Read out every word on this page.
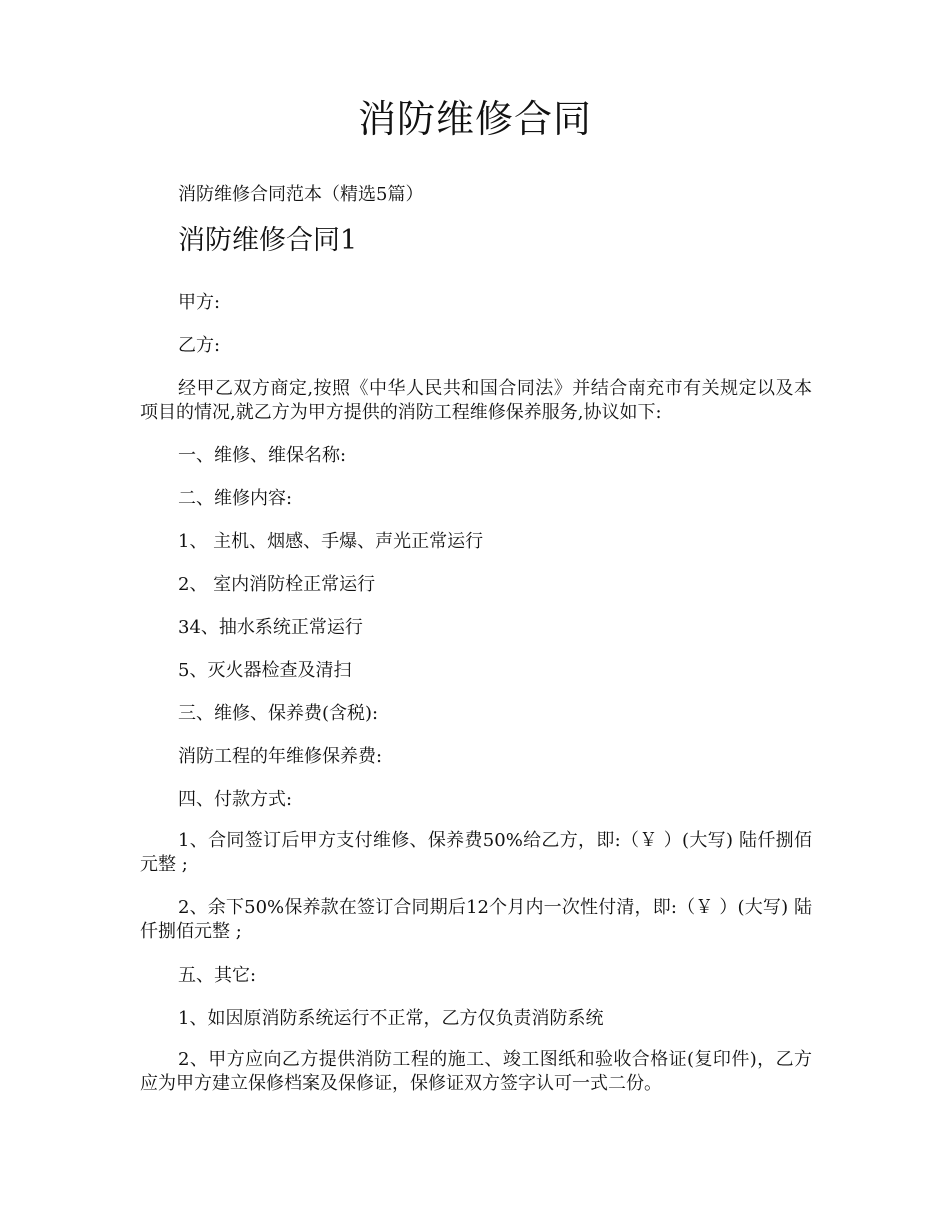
消防维修合同
消防维修合同范本（精选5篇）
消防维修合同1
甲方:
乙方:
经甲乙双方商定,按照《中华人民共和国合同法》并结合南充市有关规定以及本项目的情况,就乙方为甲方提供的消防工程维修保养服务,协议如下:
一、维修、维保名称:
二、维修内容:
1、 主机、烟感、手爆、声光正常运行
2、 室内消防栓正常运行
34、抽水系统正常运行
5、灭火器检查及清扫
三、维修、保养费(含税):
消防工程的年维修保养费:
四、付款方式:
1、合同签订后甲方支付维修、保养费50%给乙方，即:（￥ ）(大写) 陆仟捌佰元整 ;
2、余下50%保养款在签订合同期后12个月内一次性付清，即:（￥ ）(大写) 陆仟捌佰元整 ;
五、其它:
1、如因原消防系统运行不正常，乙方仅负责消防系统
2、甲方应向乙方提供消防工程的施工、竣工图纸和验收合格证(复印件)，乙方应为甲方建立保修档案及保修证，保修证双方签字认可一式二份。
